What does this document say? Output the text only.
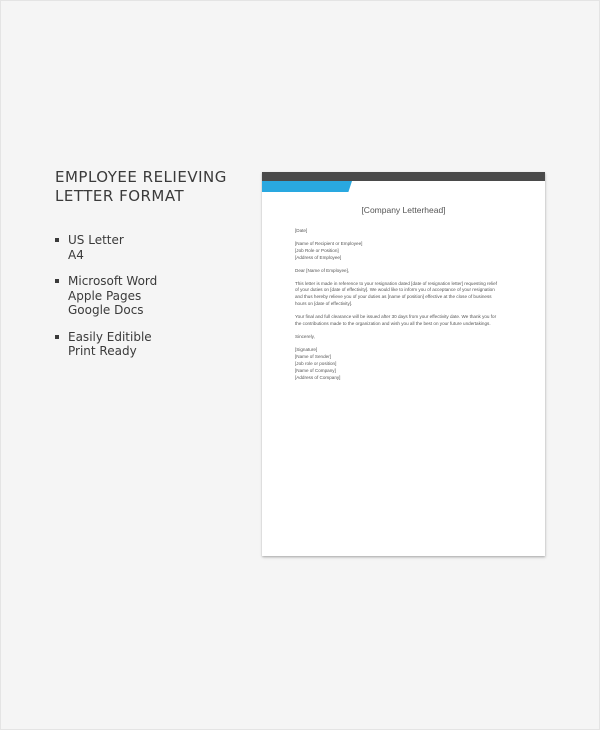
EMPLOYEE RELIEVING
LETTER FORMAT
US Letter
A4
Microsoft Word
Apple Pages
Google Docs
Easily Editible
Print Ready
[Company Letterhead]
[Date]
[Name of Recipient or Employee]
[Job Role or Position]
[Address of Employee]
Dear [Name of Employee],
This letter is made in reference to your resignation dated [date of resignation letter] requesting relief
of your duties on [date of effectivity]. We would like to inform you of acceptance of your resignation
and thus hereby relieve you of your duties as [name of position] effective at the close of business
hours on [date of effectivity].
Your final and full clearance will be issued after 30 days from your effectivity date. We thank you for
the contributions made to the organization and wish you all the best on your future undertakings.
Sincerely,
[Signature]
[Name of Sender]
[Job role or position]
[Name of Company]
[Address of Company]
